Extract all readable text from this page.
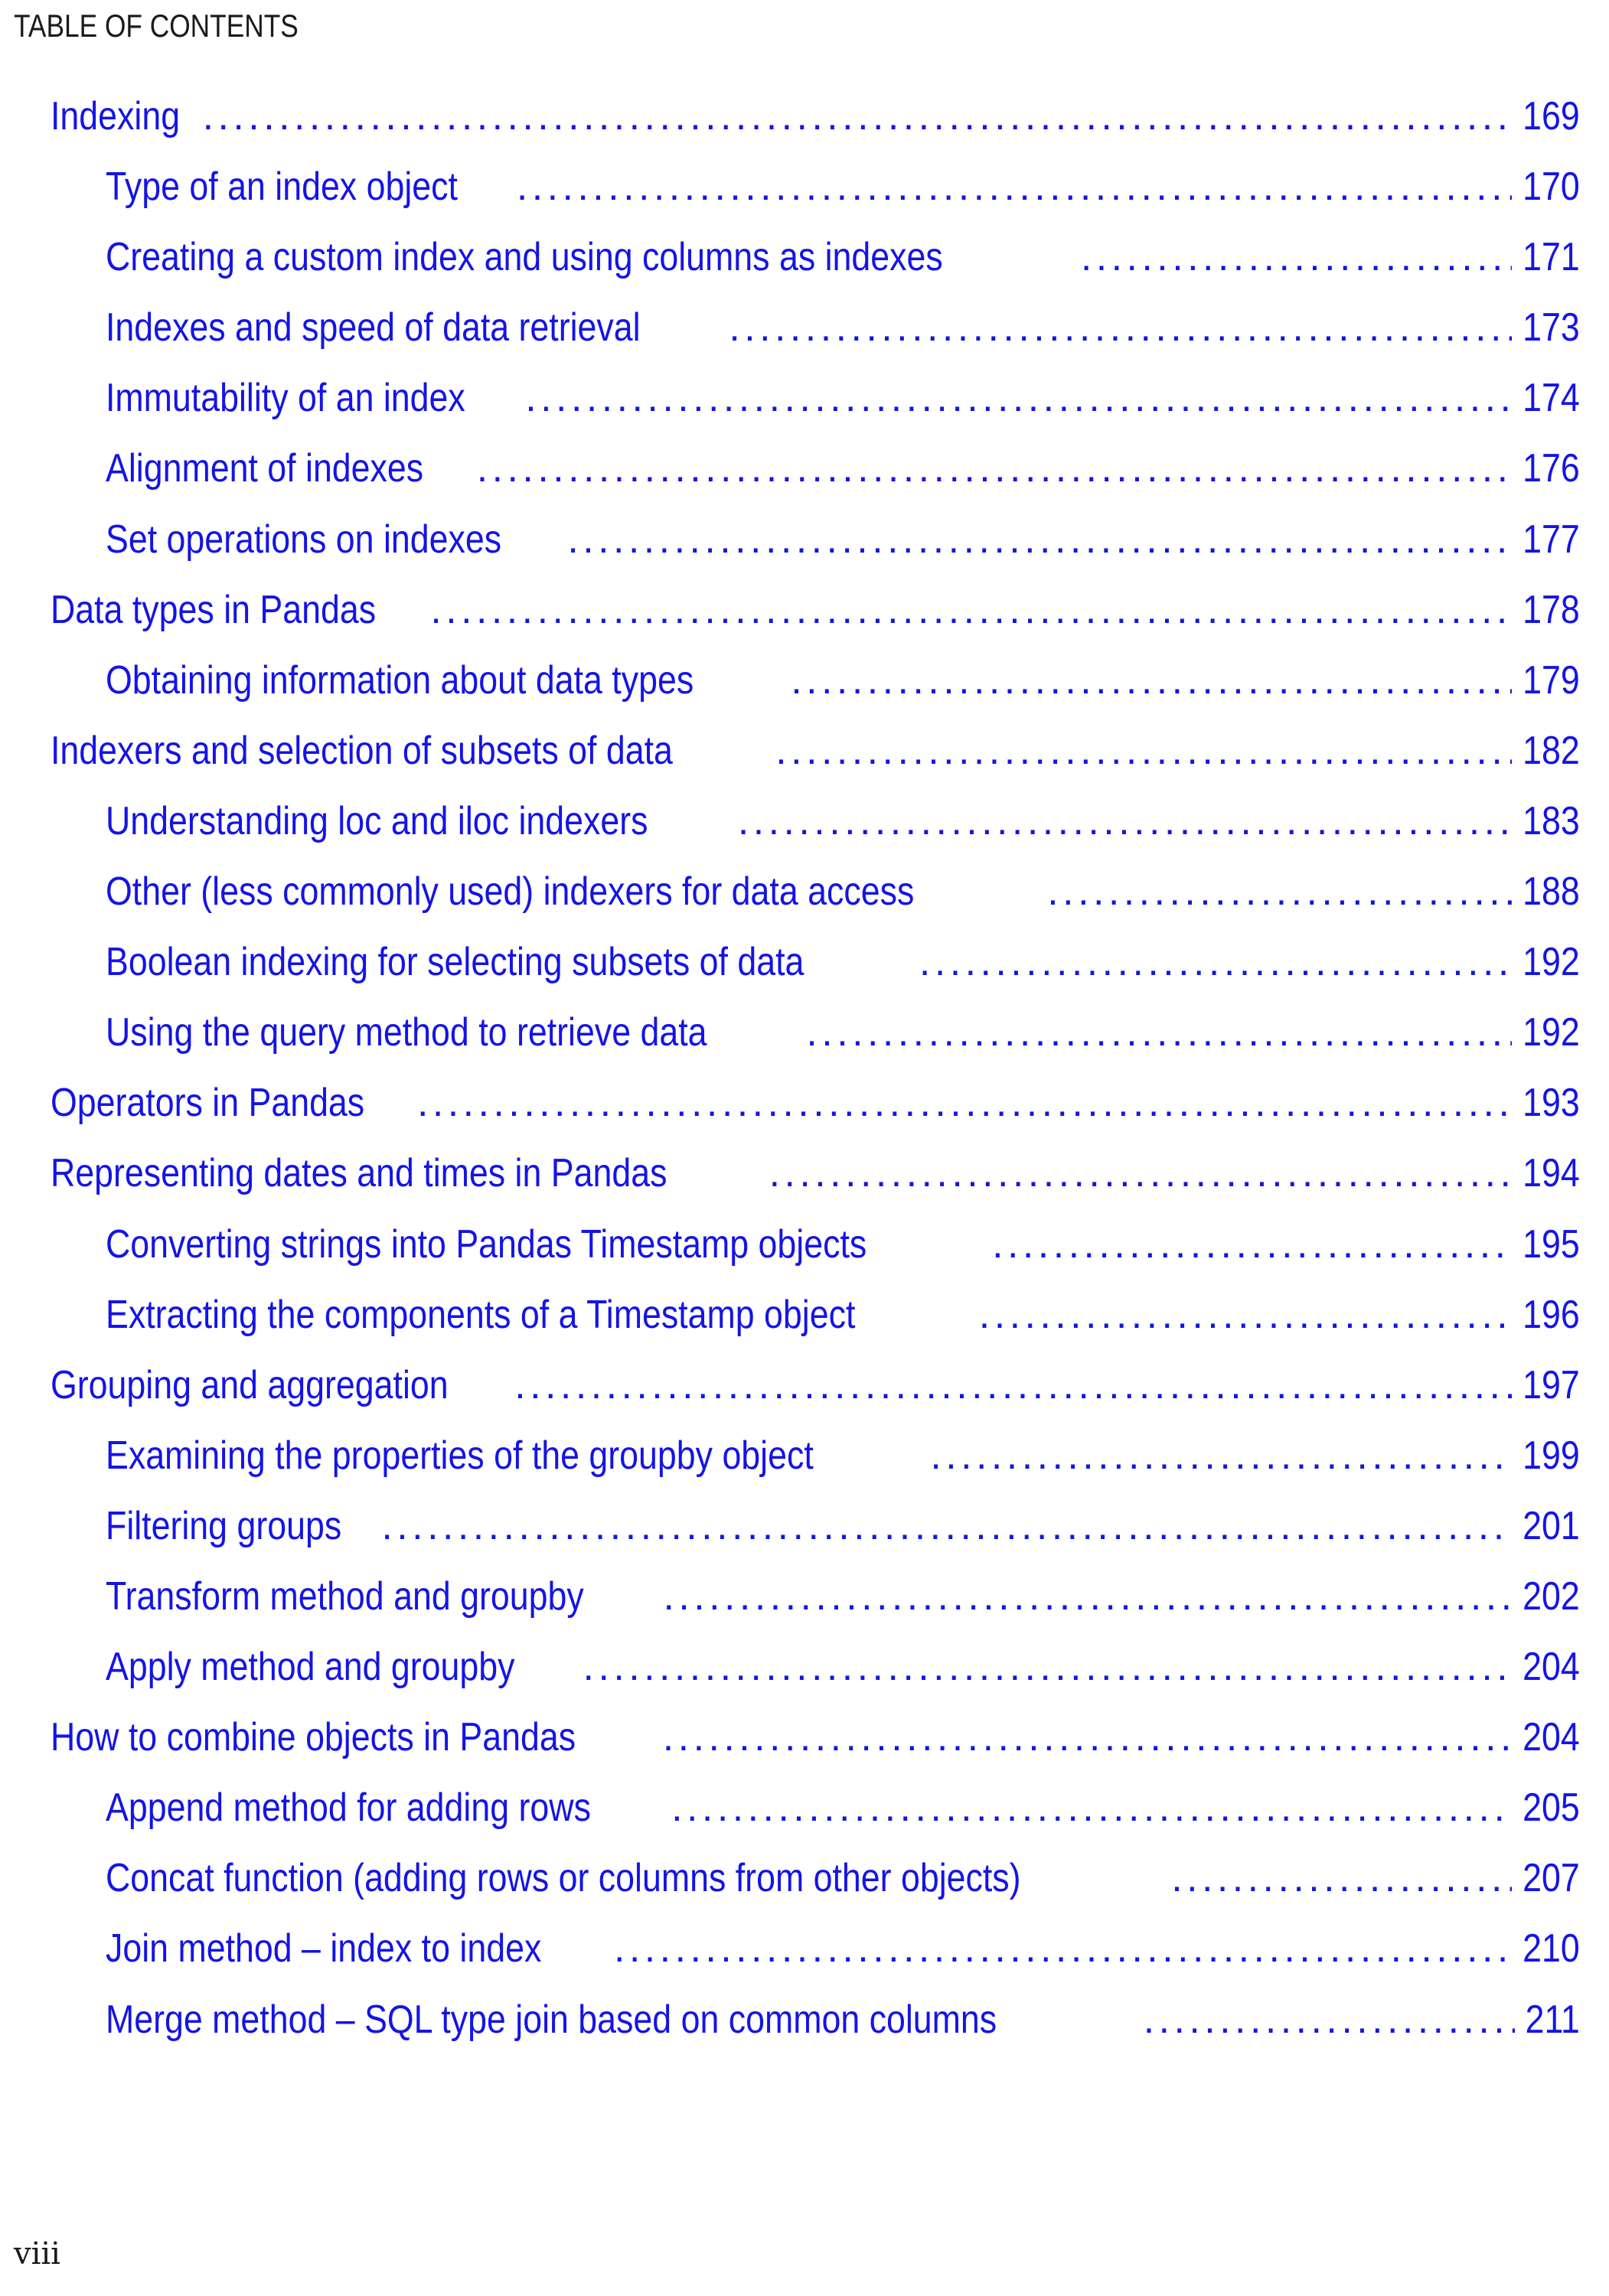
TABLE OF CONTENTS
Indexing . . .	169
Type of an index object . . .	170
Creating a custom index and using columns as indexes . . .	171
Indexes and speed of data retrieval . . .	173
Immutability of an index . . .	174
Alignment of indexes . . .	176
Set operations on indexes . . .	177
Data types in Pandas . . .	178
Obtaining information about data types . . .	179
Indexers and selection of subsets of data . . .	182
Understanding loc and iloc indexers . . .	183
Other (less commonly used) indexers for data access . . .	188
Boolean indexing for selecting subsets of data . . .	192
Using the query method to retrieve data . . .	192
Operators in Pandas . . .	193
Representing dates and times in Pandas . . .	194
Converting strings into Pandas Timestamp objects . . .	195
Extracting the components of a Timestamp object . . .	196
Grouping and aggregation . . .	197
Examining the properties of the groupby object . . .	199
Filtering groups . . .	201
Transform method and groupby . . .	202
Apply method and groupby . . .	204
How to combine objects in Pandas . . .	204
Append method for adding rows . . .	205
Concat function (adding rows or columns from other objects) . . .	207
Join method – index to index . . .	210
Merge method – SQL type join based on common columns . . .	211
viii
